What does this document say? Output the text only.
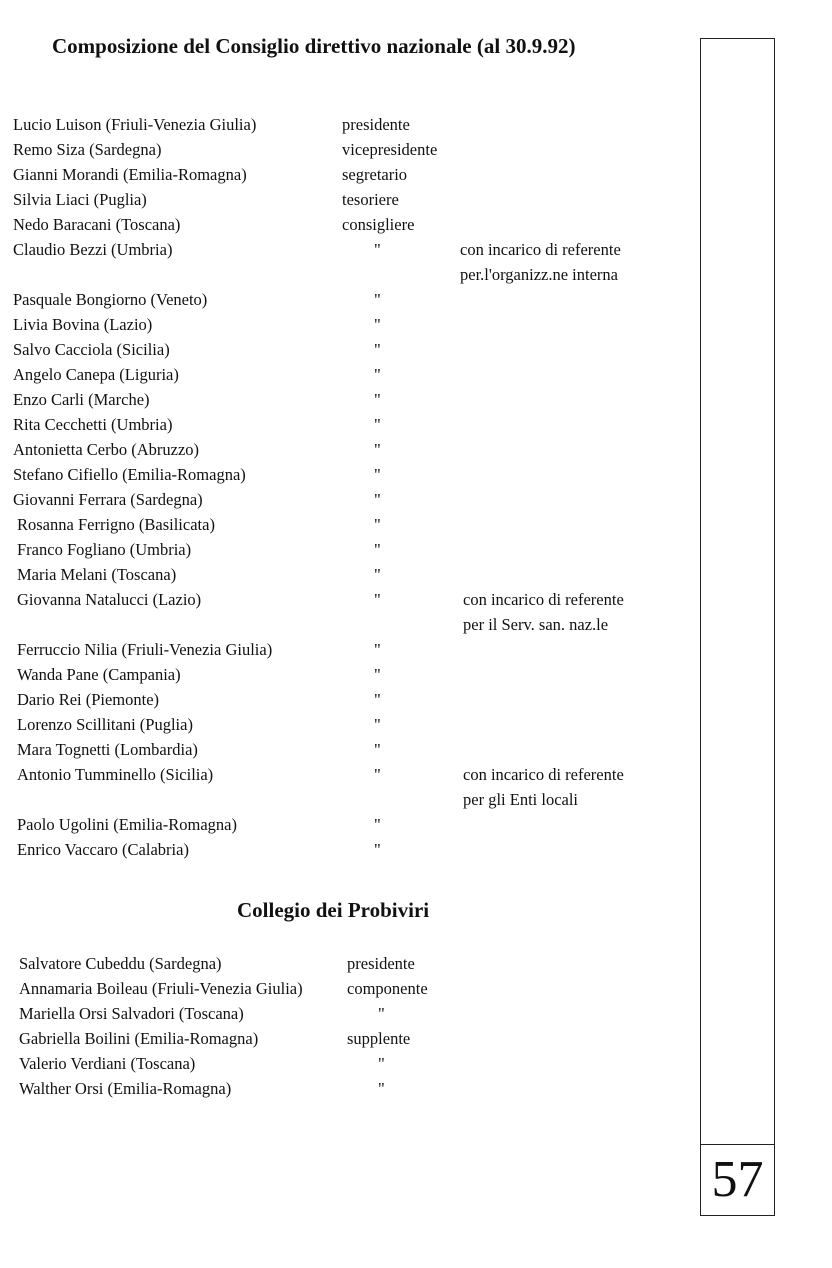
Composizione del Consiglio direttivo nazionale (al 30.9.92)
Lucio Luison (Friuli-Venezia Giulia)	presidente
Remo Siza (Sardegna)	vicepresidente
Gianni Morandi (Emilia-Romagna)	segretario
Silvia Liaci (Puglia)	tesoriere
Nedo Baracani (Toscana)	consigliere
Claudio Bezzi (Umbria)	"	con incarico di referente
per.l'organizz.ne interna
Pasquale Bongiorno (Veneto)	"
Livia Bovina (Lazio)	"
Salvo Cacciola (Sicilia)	"
Angelo Canepa (Liguria)	"
Enzo Carli (Marche)	"
Rita Cecchetti (Umbria)	"
Antonietta Cerbo (Abruzzo)	"
Stefano Cifiello (Emilia-Romagna)	"
Giovanni Ferrara (Sardegna)	"
Rosanna Ferrigno (Basilicata)	"
Franco Fogliano (Umbria)	"
Maria Melani (Toscana)	"
Giovanna Natalucci (Lazio)	"	con incarico di referente
per il Serv. san. naz.le
Ferruccio Nilia (Friuli-Venezia Giulia)	"
Wanda Pane (Campania)	"
Dario Rei (Piemonte)	"
Lorenzo Scillitani (Puglia)	"
Mara Tognetti (Lombardia)	"
Antonio Tumminello (Sicilia)	"	con incarico di referente
per gli Enti locali
Paolo Ugolini (Emilia-Romagna)	"
Enrico Vaccaro (Calabria)	"
Collegio dei Probiviri
Salvatore Cubeddu (Sardegna)	presidente
Annamaria Boileau (Friuli-Venezia Giulia)	componente
Mariella Orsi Salvadori (Toscana)	"
Gabriella Boilini (Emilia-Romagna)	supplente
Valerio Verdiani (Toscana)	"
Walther Orsi (Emilia-Romagna)	"
57
